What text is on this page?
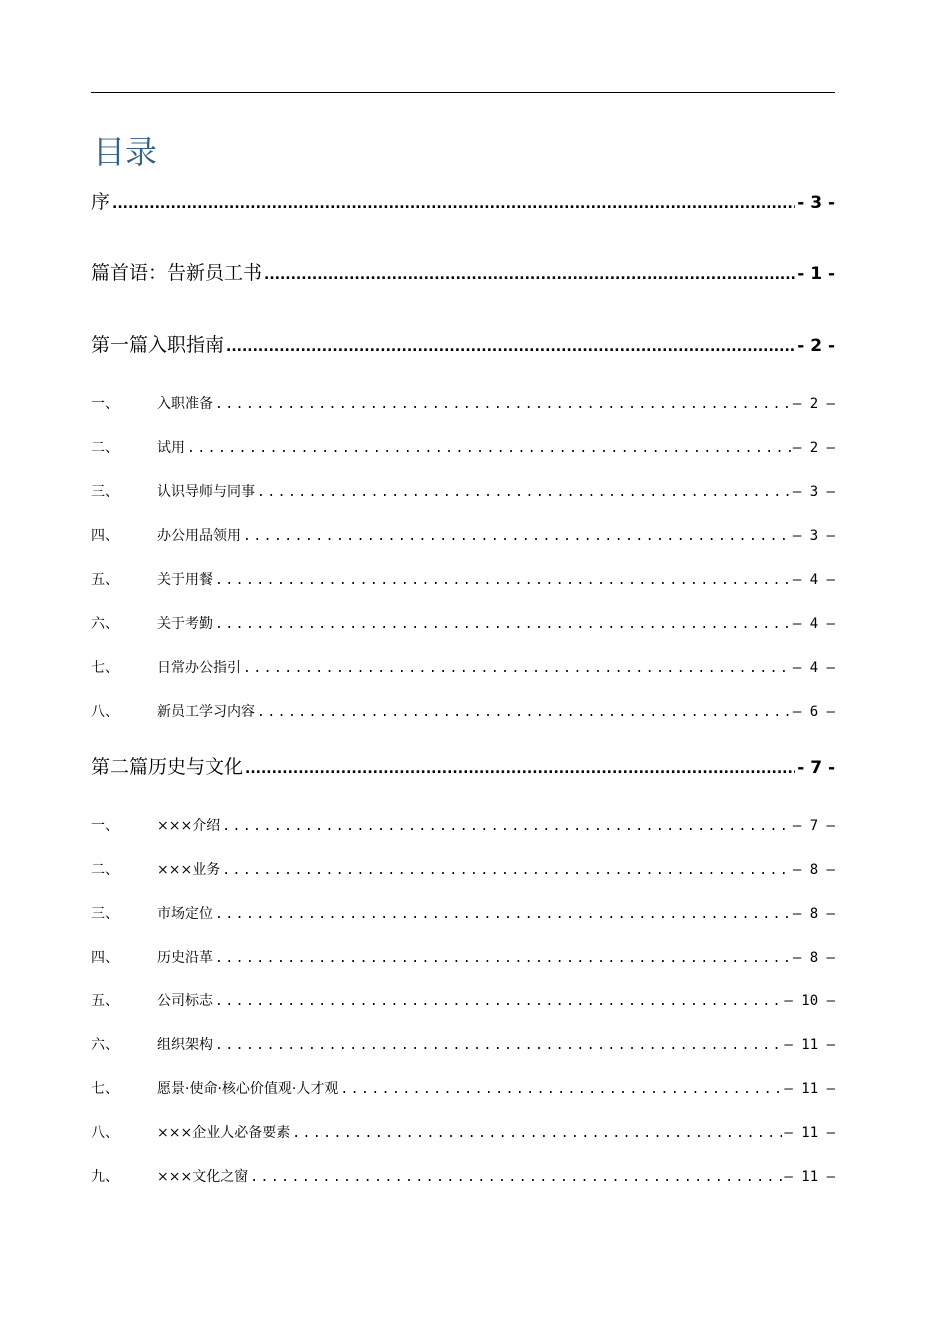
目录
序 .....	- 3 -
篇首语：告新员工书 .....	- 1 -
第一篇入职指南 .....	- 2 -
一、	入职准备 .....	– 2 –
二、	试用 .....	– 2 –
三、	认识导师与同事 .....	– 3 –
四、	办公用品领用 .....	– 3 –
五、	关于用餐 .....	– 4 –
六、	关于考勤 .....	– 4 –
七、	日常办公指引 .....	– 4 –
八、	新员工学习内容 .....	– 6 –
第二篇历史与文化 .....	- 7 -
一、	×××介绍 .....	– 7 –
二、	×××业务 .....	– 8 –
三、	市场定位 .....	– 8 –
四、	历史沿革 .....	– 8 –
五、	公司标志 .....	– 10 –
六、	组织架构 .....	– 11 –
七、	愿景·使命·核心价值观·人才观 .....	– 11 –
八、	×××企业人必备要素 .....	– 11 –
九、	×××文化之窗 .....	– 11 –
